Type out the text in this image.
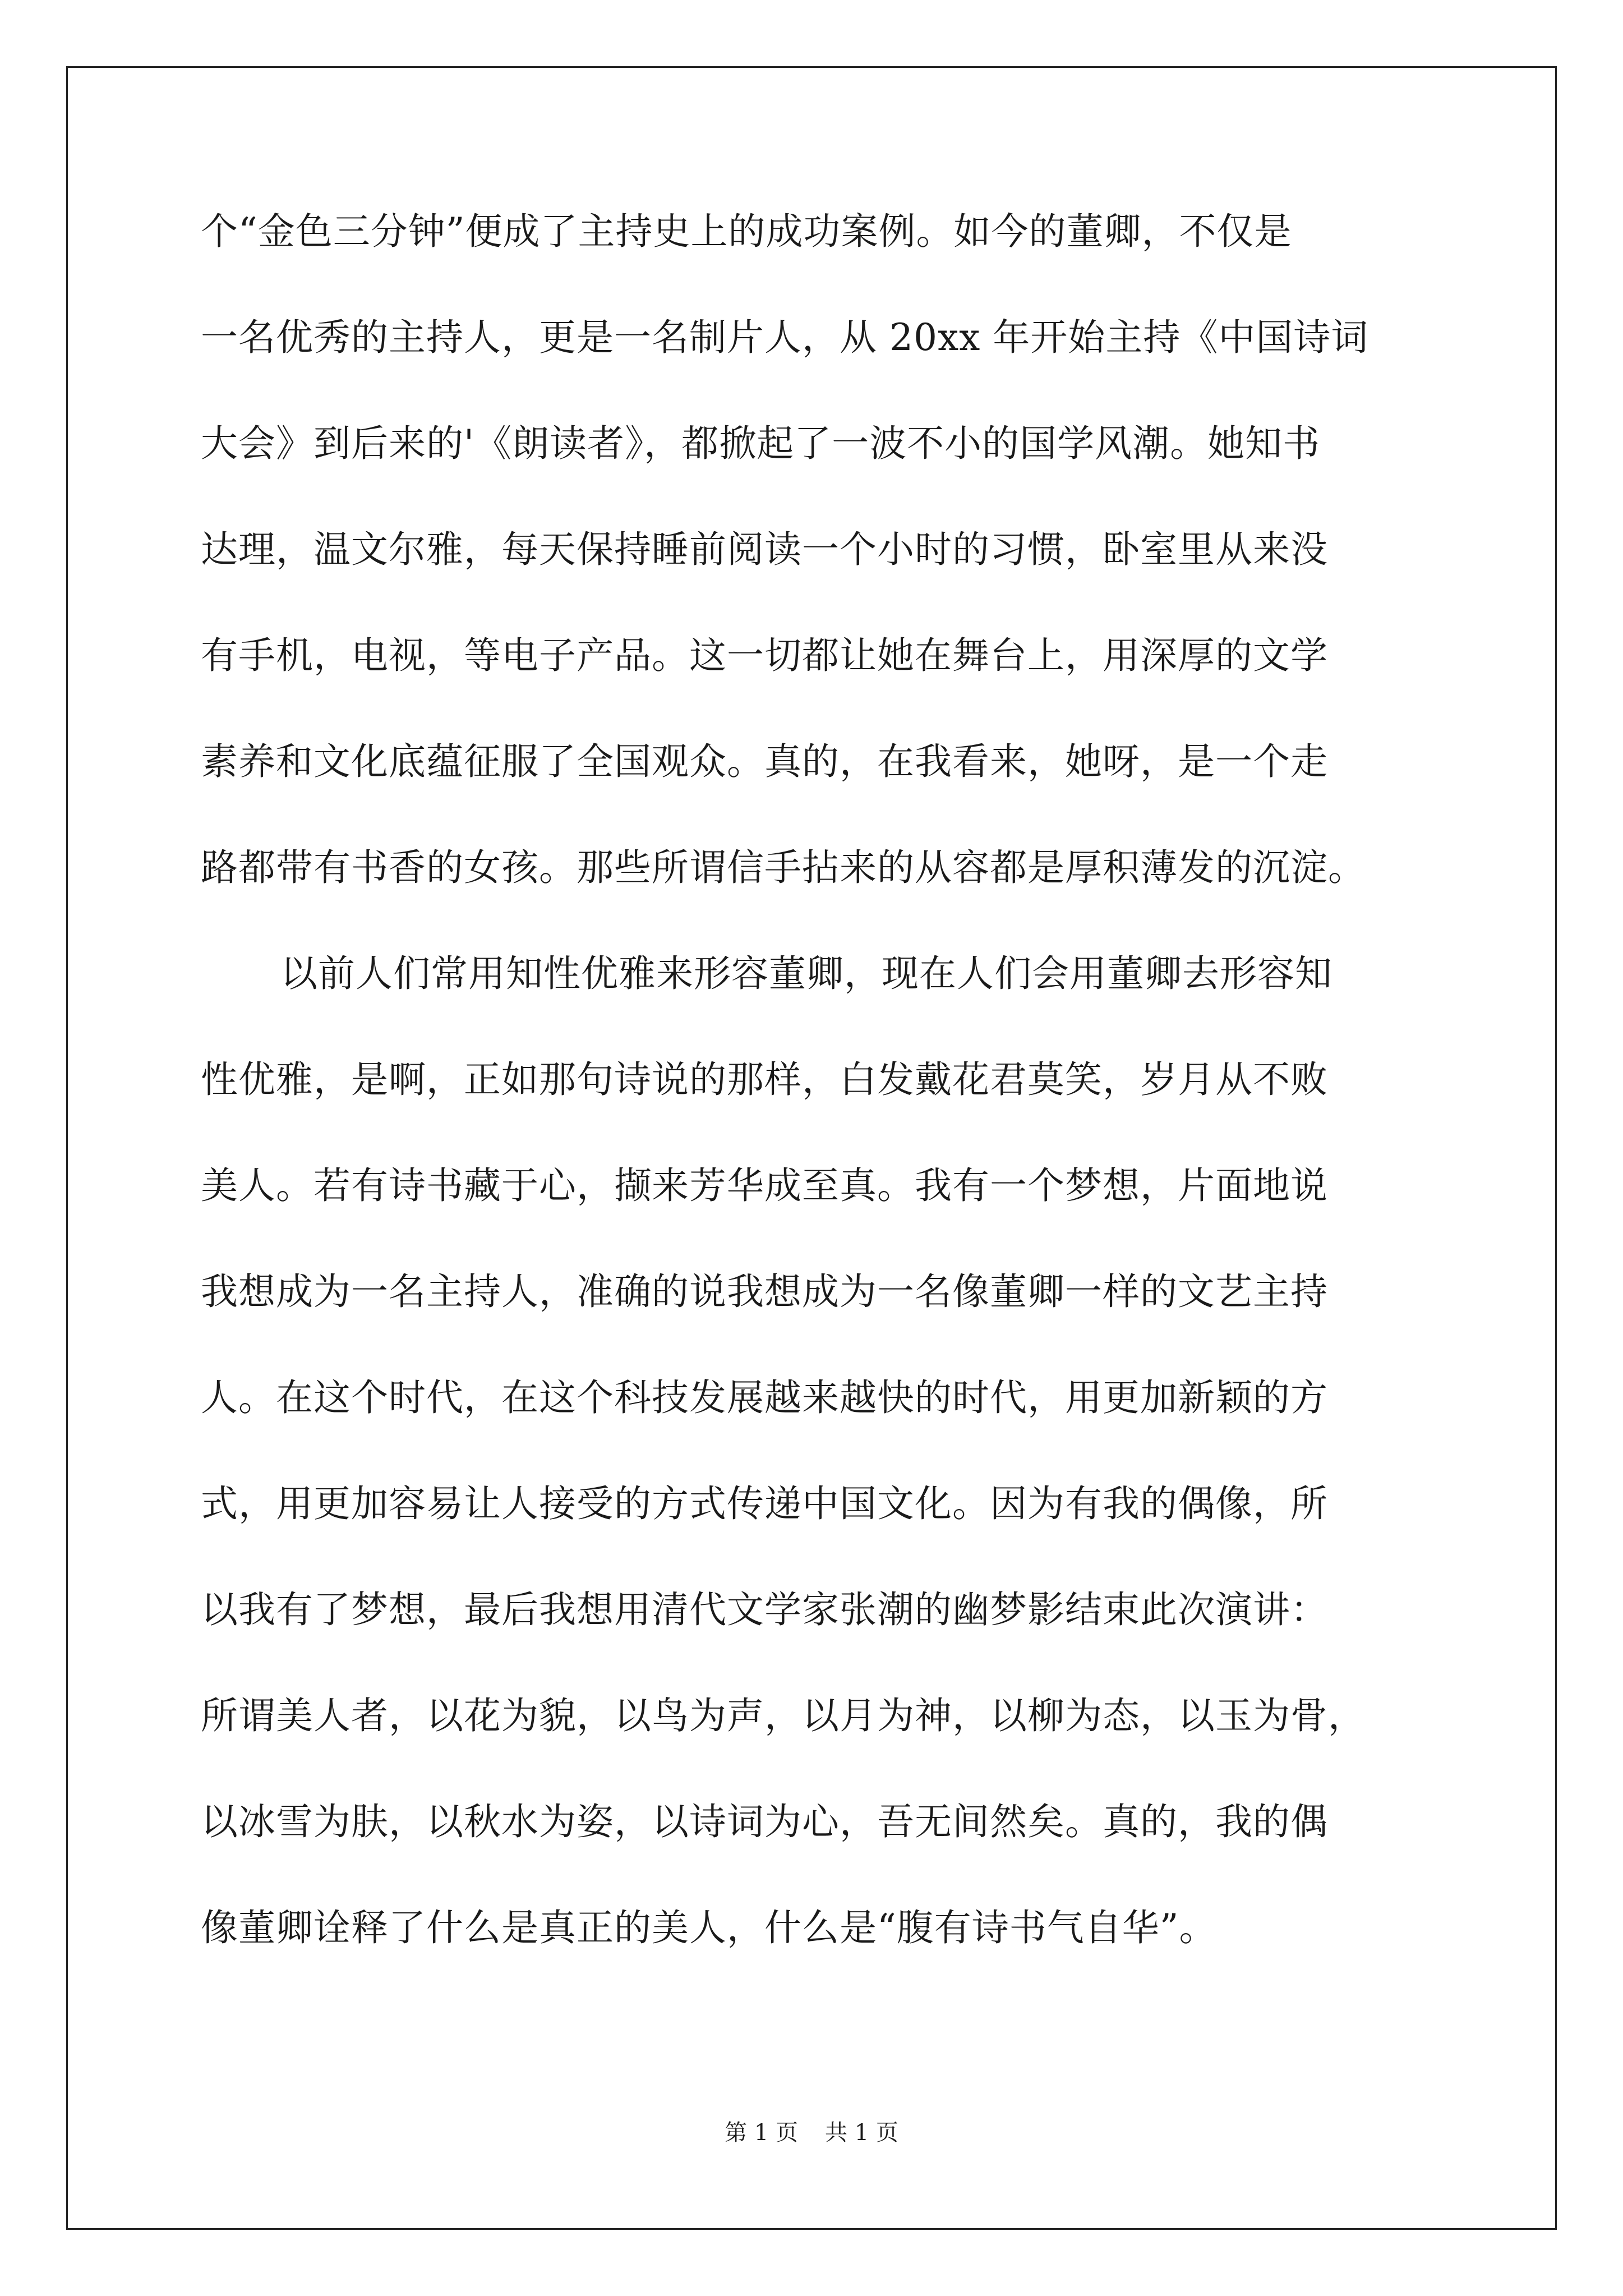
个“金色三分钟”便成了主持史上的成功案例。如今的董卿，不仅是
一名优秀的主持人，更是一名制片人，从 20xx 年开始主持《中国诗词
大会》到后来的'《朗读者》，都掀起了一波不小的国学风潮。她知书
达理，温文尔雅，每天保持睡前阅读一个小时的习惯，卧室里从来没
有手机，电视，等电子产品。这一切都让她在舞台上，用深厚的文学
素养和文化底蕴征服了全国观众。真的，在我看来，她呀，是一个走
路都带有书香的女孩。那些所谓信手拈来的从容都是厚积薄发的沉淀。
以前人们常用知性优雅来形容董卿，现在人们会用董卿去形容知
性优雅，是啊，正如那句诗说的那样，白发戴花君莫笑，岁月从不败
美人。若有诗书藏于心，撷来芳华成至真。我有一个梦想，片面地说
我想成为一名主持人，准确的说我想成为一名像董卿一样的文艺主持
人。在这个时代，在这个科技发展越来越快的时代，用更加新颖的方
式，用更加容易让人接受的方式传递中国文化。因为有我的偶像，所
以我有了梦想，最后我想用清代文学家张潮的幽梦影结束此次演讲：
所谓美人者，以花为貌，以鸟为声，以月为神，以柳为态，以玉为骨，
以冰雪为肤，以秋水为姿，以诗词为心，吾无间然矣。真的，我的偶
像董卿诠释了什么是真正的美人，什么是“腹有诗书气自华”。
第 1 页 共 1 页
